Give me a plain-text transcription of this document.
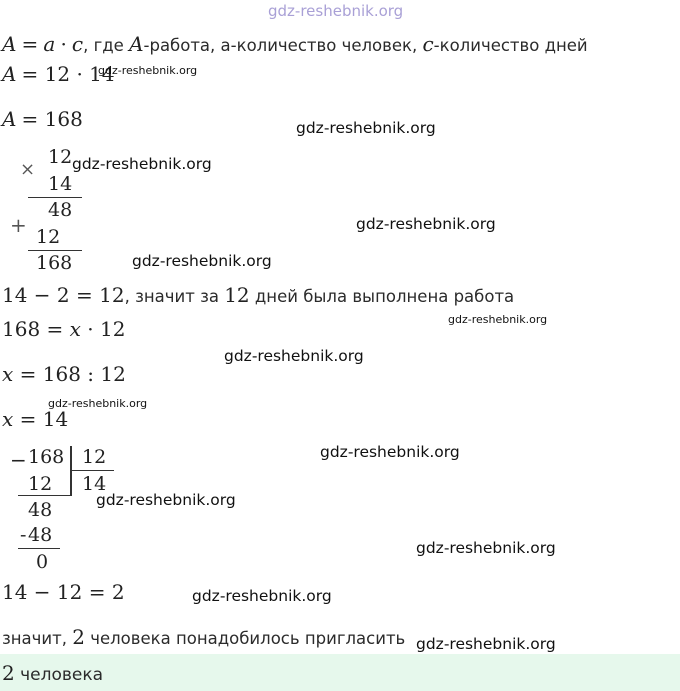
gdz-reshebnik.org
A = a · c, где A-работа, а-количество человек, c-количество дней
A = 12 · 14
gdz-reshebnik.org
A = 168	gdz-reshebnik.org
×
12
14
48
+ 12
168
gdz-reshebnik.org
gdz-reshebnik.org
gdz-reshebnik.org
14 − 2 = 12, значит за 12 дней была выполнена работа
168 = x · 12	gdz-reshebnik.org
gdz-reshebnik.org
x = 168 : 12
x = 14
gdz-reshebnik.org
− 168 12
12 14
48
- 48
0
gdz-reshebnik.org
gdz-reshebnik.org
gdz-reshebnik.org
14 − 12 = 2	gdz-reshebnik.org
значит, 2 человека понадобилось пригласить gdz-reshebnik.org
2 человека
